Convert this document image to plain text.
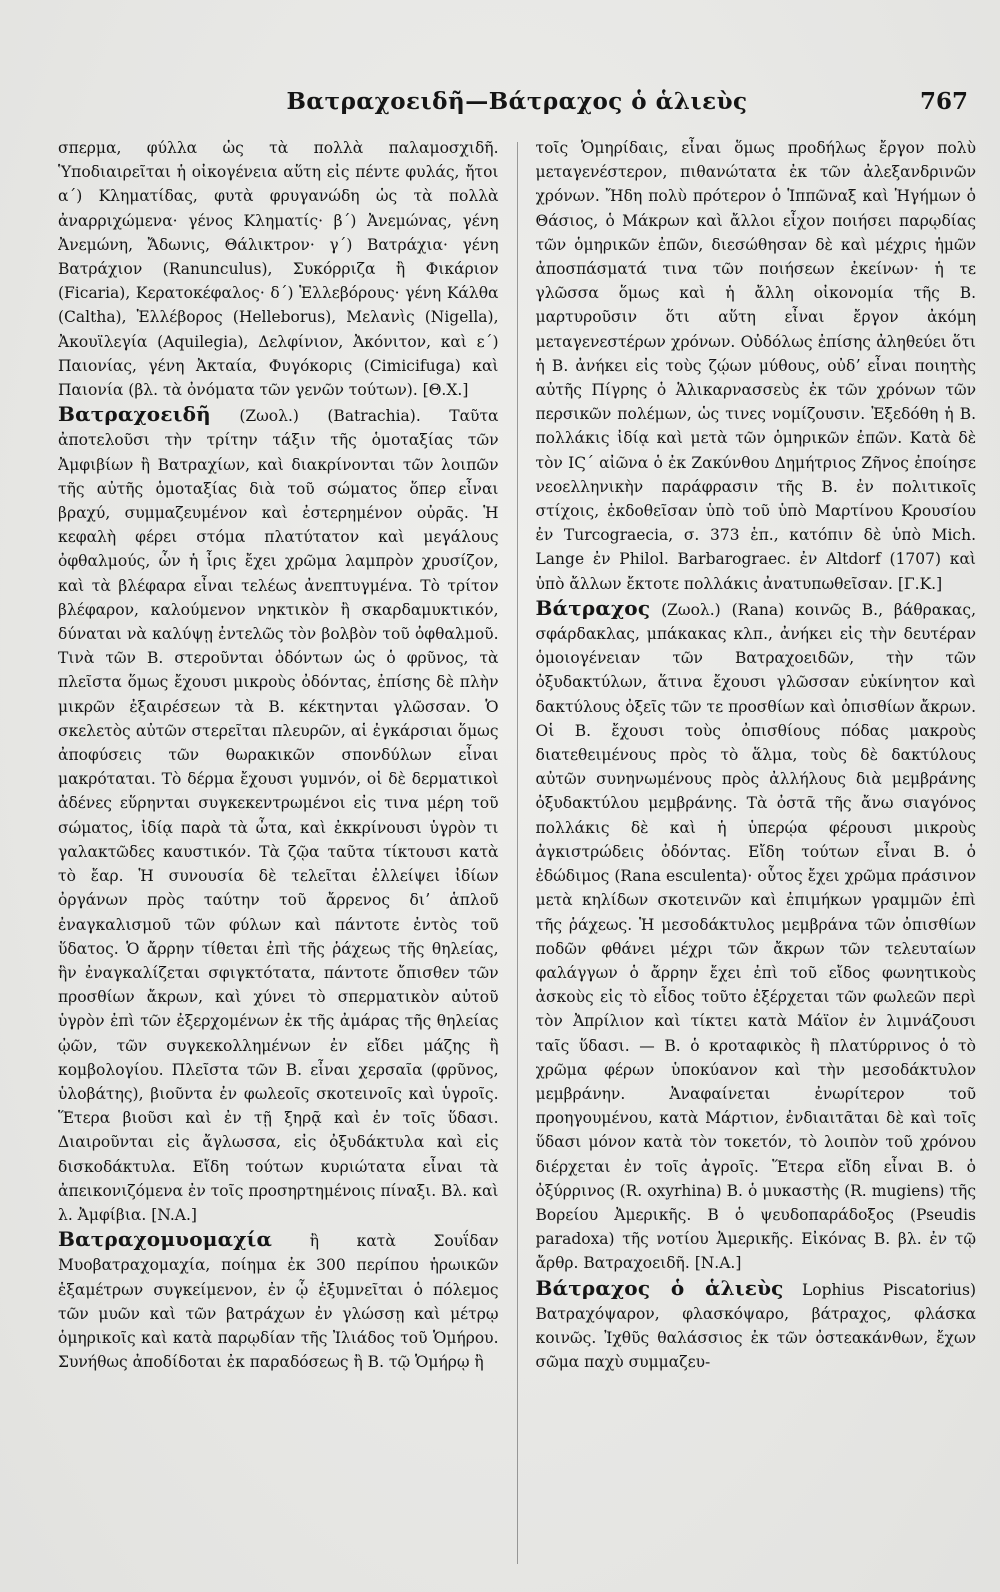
Βατραχοειδῆ—Βάτραχος ὁ ἁλιεὺς	767

σπερμα, φύλλα ὡς τὰ πολλὰ παλαμοσχιδῆ. Ὑποδιαιρεῖται ἡ οἰκογένεια αὕτη εἰς πέντε φυλάς, ἤτοι α΄) Κληματίδας, φυτὰ φρυγανώδη ὡς τὰ πολλὰ ἀναρριχώμενα· γένος Κληματίς· β΄) Ἀνεμώνας, γένη Ἀνεμώνη, Ἄδωνις, Θάλικτρον· γ΄) Βατράχια· γένη Βατράχιον (Ranunculus), Συκόρριζα ἢ Φικάριον (Ficaria), Κερατοκέφαλος· δ΄) Ἑλλεβόρους· γένη Κάλθα (Caltha), Ἑλλέβορος (Helleborus), Μελανὶς (Nigella), Ἀκουϊλεγία (Aquilegia), Δελφίνιον, Ἀκόνιτον, καὶ ε΄) Παιονίας, γένη Ἀκταία, Φυγόκορις (Cimicifuga) καὶ Παιονία (βλ. τὰ ὀνόματα τῶν γενῶν τούτων). [Θ.Χ.]

Βατραχοειδῆ (Ζωολ.) (Batrachia). Ταῦτα ἀποτελοῦσι τὴν τρίτην τάξιν τῆς ὁμοταξίας τῶν Ἀμφιβίων ἢ Βατραχίων, καὶ διακρίνονται τῶν λοιπῶν τῆς αὐτῆς ὁμοταξίας διὰ τοῦ σώματος ὅπερ εἶναι βραχύ, συμμαζευμένον καὶ ἐστερημένον οὐρᾶς. Ἡ κεφαλὴ φέρει στόμα πλατύτατον καὶ μεγάλους ὀφθαλμούς, ὧν ἡ ἶρις ἔχει χρῶμα λαμπρὸν χρυσίζον, καὶ τὰ βλέφαρα εἶναι τελέως ἀνεπτυγμένα. Τὸ τρίτον βλέφαρον, καλούμενον νηκτικὸν ἢ σκαρδαμυκτικόν, δύναται νὰ καλύψῃ ἐντελῶς τὸν βολβὸν τοῦ ὀφθαλμοῦ. Τινὰ τῶν Β. στεροῦνται ὀδόντων ὡς ὁ φρῦνος, τὰ πλεῖστα ὅμως ἔχουσι μικροὺς ὀδόντας, ἐπίσης δὲ πλὴν μικρῶν ἐξαιρέσεων τὰ Β. κέκτηνται γλῶσσαν. Ὁ σκελετὸς αὐτῶν στερεῖται πλευρῶν, αἱ ἐγκάρσιαι ὅμως ἀποφύσεις τῶν θωρακικῶν σπονδύλων εἶναι μακρόταται. Τὸ δέρμα ἔχουσι γυμνόν, οἱ δὲ δερματικοὶ ἀδένες εὕρηνται συγκεκεντρωμένοι εἰς τινα μέρη τοῦ σώματος, ἰδίᾳ παρὰ τὰ ὦτα, καὶ ἐκκρίνουσι ὑγρὸν τι γαλακτῶδες καυστικόν. Τὰ ζῷα ταῦτα τίκτουσι κατὰ τὸ ἔαρ. Ἡ συνουσία δὲ τελεῖται ἐλλείψει ἰδίων ὀργάνων πρὸς ταύτην τοῦ ἄρρενος διʼ ἁπλοῦ ἐναγκαλισμοῦ τῶν φύλων καὶ πάντοτε ἐντὸς τοῦ ὕδατος. Ὁ ἄρρην τίθεται ἐπὶ τῆς ῥάχεως τῆς θηλείας, ἣν ἐναγκαλίζεται σφιγκτότατα, πάντοτε ὄπισθεν τῶν προσθίων ἄκρων, καὶ χύνει τὸ σπερματικὸν αὐτοῦ ὑγρὸν ἐπὶ τῶν ἐξερχομένων ἐκ τῆς ἀμάρας τῆς θηλείας ᾠῶν, τῶν συγκεκολλημένων ἐν εἴδει μάζης ἢ κομβολογίου. Πλεῖστα τῶν Β. εἶναι χερσαῖα (φρῦνος, ὑλοβάτης), βιοῦντα ἐν φωλεοῖς σκοτεινοῖς καὶ ὑγροῖς. Ἕτερα βιοῦσι καὶ ἐν τῇ ξηρᾷ καὶ ἐν τοῖς ὕδασι. Διαιροῦνται εἰς ἄγλωσσα, εἰς ὀξυδάκτυλα καὶ εἰς δισκοδάκτυλα. Εἴδη τούτων κυριώτατα εἶναι τὰ ἀπεικονιζόμενα ἐν τοῖς προσηρτημένοις πίναξι. Βλ. καὶ λ. Ἀμφίβια. [N.A.]

Βατραχομυομαχία ἢ κατὰ Σουΐδαν Μυοβατραχομαχία, ποίημα ἐκ 300 περίπου ἡρωικῶν ἑξαμέτρων συγκείμενον, ἐν ᾧ ἐξυμνεῖται ὁ πόλεμος τῶν μυῶν καὶ τῶν βατράχων ἐν γλώσσῃ καὶ μέτρῳ ὁμηρικοῖς καὶ κατὰ παρῳδίαν τῆς Ἰλιάδος τοῦ Ὁμήρου. Συνήθως ἀποδίδοται ἐκ παραδόσεως ἢ Β. τῷ Ὁμήρῳ ἢ

τοῖς Ὁμηρίδαις, εἶναι ὅμως προδήλως ἔργον πολὺ μεταγενέστερον, πιθανώτατα ἐκ τῶν ἀλεξανδρινῶν χρόνων. Ἤδη πολὺ πρότερον ὁ Ἱππῶναξ καὶ Ἡγήμων ὁ Θάσιος, ὁ Μάκρων καὶ ἄλλοι εἶχον ποιήσει παρῳδίας τῶν ὁμηρικῶν ἐπῶν, διεσώθησαν δὲ καὶ μέχρις ἡμῶν ἀποσπάσματά τινα τῶν ποιήσεων ἐκείνων· ἡ τε γλῶσσα ὅμως καὶ ἡ ἄλλη οἰκονομία τῆς Β. μαρτυροῦσιν ὅτι αὕτη εἶναι ἔργον ἀκόμη μεταγενεστέρων χρόνων. Οὐδόλως ἐπίσης ἀληθεύει ὅτι ἡ Β. ἀνήκει εἰς τοὺς ζῴων μύθους, οὐδʼ εἶναι ποιητὴς αὐτῆς Πίγρης ὁ Ἁλικαρνασσεὺς ἐκ τῶν χρόνων τῶν περσικῶν πολέμων, ὡς τινες νομίζουσιν. Ἐξεδόθη ἡ Β. πολλάκις ἰδίᾳ καὶ μετὰ τῶν ὁμηρικῶν ἐπῶν. Κατὰ δὲ τὸν ΙϚ΄ αἰῶνα ὁ ἐκ Ζακύνθου Δημήτριος Ζῆνος ἐποίησε νεοελληνικὴν παράφρασιν τῆς Β. ἐν πολιτικοῖς στίχοις, ἐκδοθεῖσαν ὑπὸ τοῦ ὑπὸ Μαρτίνου Κρουσίου ἐν Turcograecia, σ. 373 ἑπ., κατόπιν δὲ ὑπὸ Mich. Lange ἐν Philol. Barbarograec. ἐν Altdorf (1707) καὶ ὑπὸ ἄλλων ἔκτοτε πολλάκις ἀνατυπωθεῖσαν. [Γ.Κ.]

Βάτραχος (Ζωολ.) (Rana) κοινῶς Β., βάθρακας, σφάρδακλας, μπάκακας κλπ., ἀνήκει εἰς τὴν δευτέραν ὁμοιογένειαν τῶν Βατραχοειδῶν, τὴν τῶν ὀξυδακτύλων, ἅτινα ἔχουσι γλῶσσαν εὐκίνητον καὶ δακτύλους ὀξεῖς τῶν τε προσθίων καὶ ὀπισθίων ἄκρων. Οἱ Β. ἔχουσι τοὺς ὀπισθίους πόδας μακροὺς διατεθειμένους πρὸς τὸ ἅλμα, τοὺς δὲ δακτύλους αὐτῶν συνηνωμένους πρὸς ἀλλήλους διὰ μεμβράνης ὀξυδακτύλου μεμβράνης. Τὰ ὀστᾶ τῆς ἄνω σιαγόνος πολλάκις δὲ καὶ ἡ ὑπερῴα φέρουσι μικροὺς ἀγκιστρώδεις ὀδόντας. Εἴδη τούτων εἶναι Β. ὁ ἐδώδιμος (Rana esculenta)· οὗτος ἔχει χρῶμα πράσινον μετὰ κηλίδων σκοτεινῶν καὶ ἐπιμήκων γραμμῶν ἐπὶ τῆς ῥάχεως. Ἡ μεσοδάκτυλος μεμβράνα τῶν ὀπισθίων ποδῶν φθάνει μέχρι τῶν ἄκρων τῶν τελευταίων φαλάγγων ὁ ἄρρην ἔχει ἐπὶ τοῦ εἴδος φωνητικοὺς ἀσκοὺς εἰς τὸ εἶδος τοῦτο ἐξέρχεται τῶν φωλεῶν περὶ τὸν Ἀπρίλιον καὶ τίκτει κατὰ Μάϊον ἐν λιμνάζουσι ταῖς ὕδασι. — Β. ὁ κροταφικὸς ἢ πλατύρρινος ὁ τὸ χρῶμα φέρων ὑποκύανον καὶ τὴν μεσοδάκτυλον μεμβράνην. Ἀναφαίνεται ἐνωρίτερον τοῦ προηγουμένου, κατὰ Μάρτιον, ἐνδιαιτᾶται δὲ καὶ τοῖς ὕδασι μόνον κατὰ τὸν τοκετόν, τὸ λοιπὸν τοῦ χρόνου διέρχεται ἐν τοῖς ἀγροῖς. Ἕτερα εἴδη εἶναι Β. ὁ ὀξύρρινος (R. oxyrhina) Β. ὁ μυκαστὴς (R. mugiens) τῆς Βορείου Ἀμερικῆς. Β ὁ ψευδοπαράδοξος (Pseudis paradoxa) τῆς νοτίου Ἀμερικῆς. Εἰκόνας Β. βλ. ἐν τῷ ἄρθρ. Βατραχοειδῆ. [Ν.Α.]

Βάτραχος ὁ ἁλιεὺς Lophius Piscatorius) Βατραχόψαρον, φλασκόψαρο, βάτραχος, φλάσκα κοινῶς. Ἰχθῦς θαλάσσιος ἐκ τῶν ὀστεακάνθων, ἔχων σῶμα παχὺ συμμαζευ-
